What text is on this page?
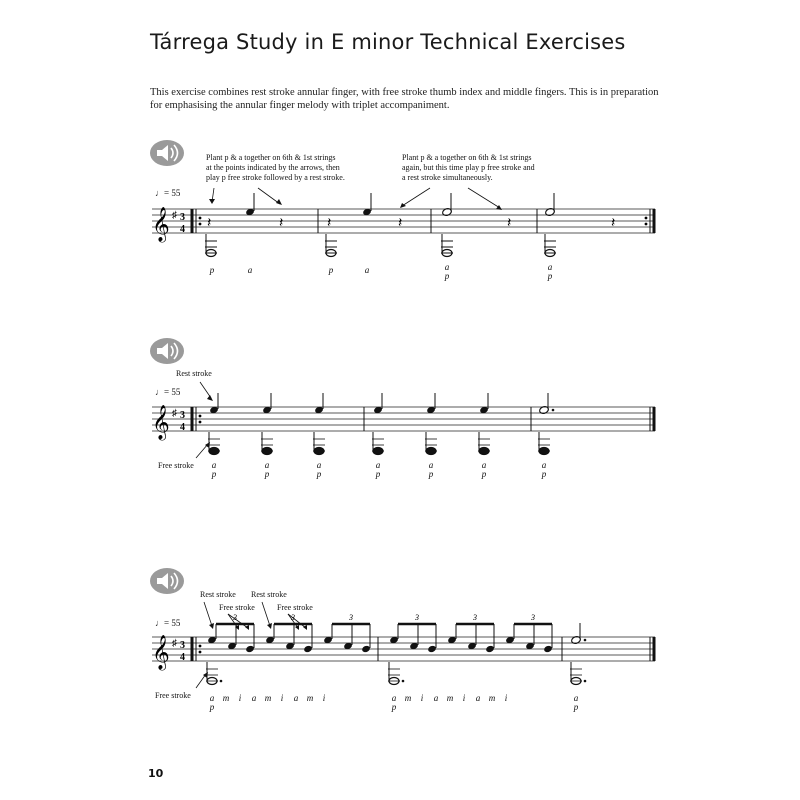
Tárrega Study in E minor Technical Exercises
This exercise combines rest stroke annular finger, with free stroke thumb index and middle fingers. This is in preparation for emphasising the annular finger melody with triplet accompaniment.
Plant p & a together on 6th & 1st strings
at the points indicated by the arrows, then
play p free stroke followed by a rest stroke.
Plant p & a together on 6th & 1st strings
again, but this time play p free stroke and
a rest stroke simultaneously.
♩= 55
𝄞 ♯ 3
4 𝄽	𝄽	𝄽	𝄽	𝄽	𝄽
p	a	p	a	a
p
a
p
Rest stroke
♩= 55
Free stroke
𝄞 ♯ 3
4
a
p
a
p
a
p
a
p
a
p
a
p
a
p
Rest stroke Rest stroke
Free stroke	Free stroke
♩= 55
Free stroke
𝄞 ♯ 3
4
3	3	3	3	3	3
a m	i	a m	i	a m	i
p
a m	i	a m	i	a m	i
p
a
p
10
